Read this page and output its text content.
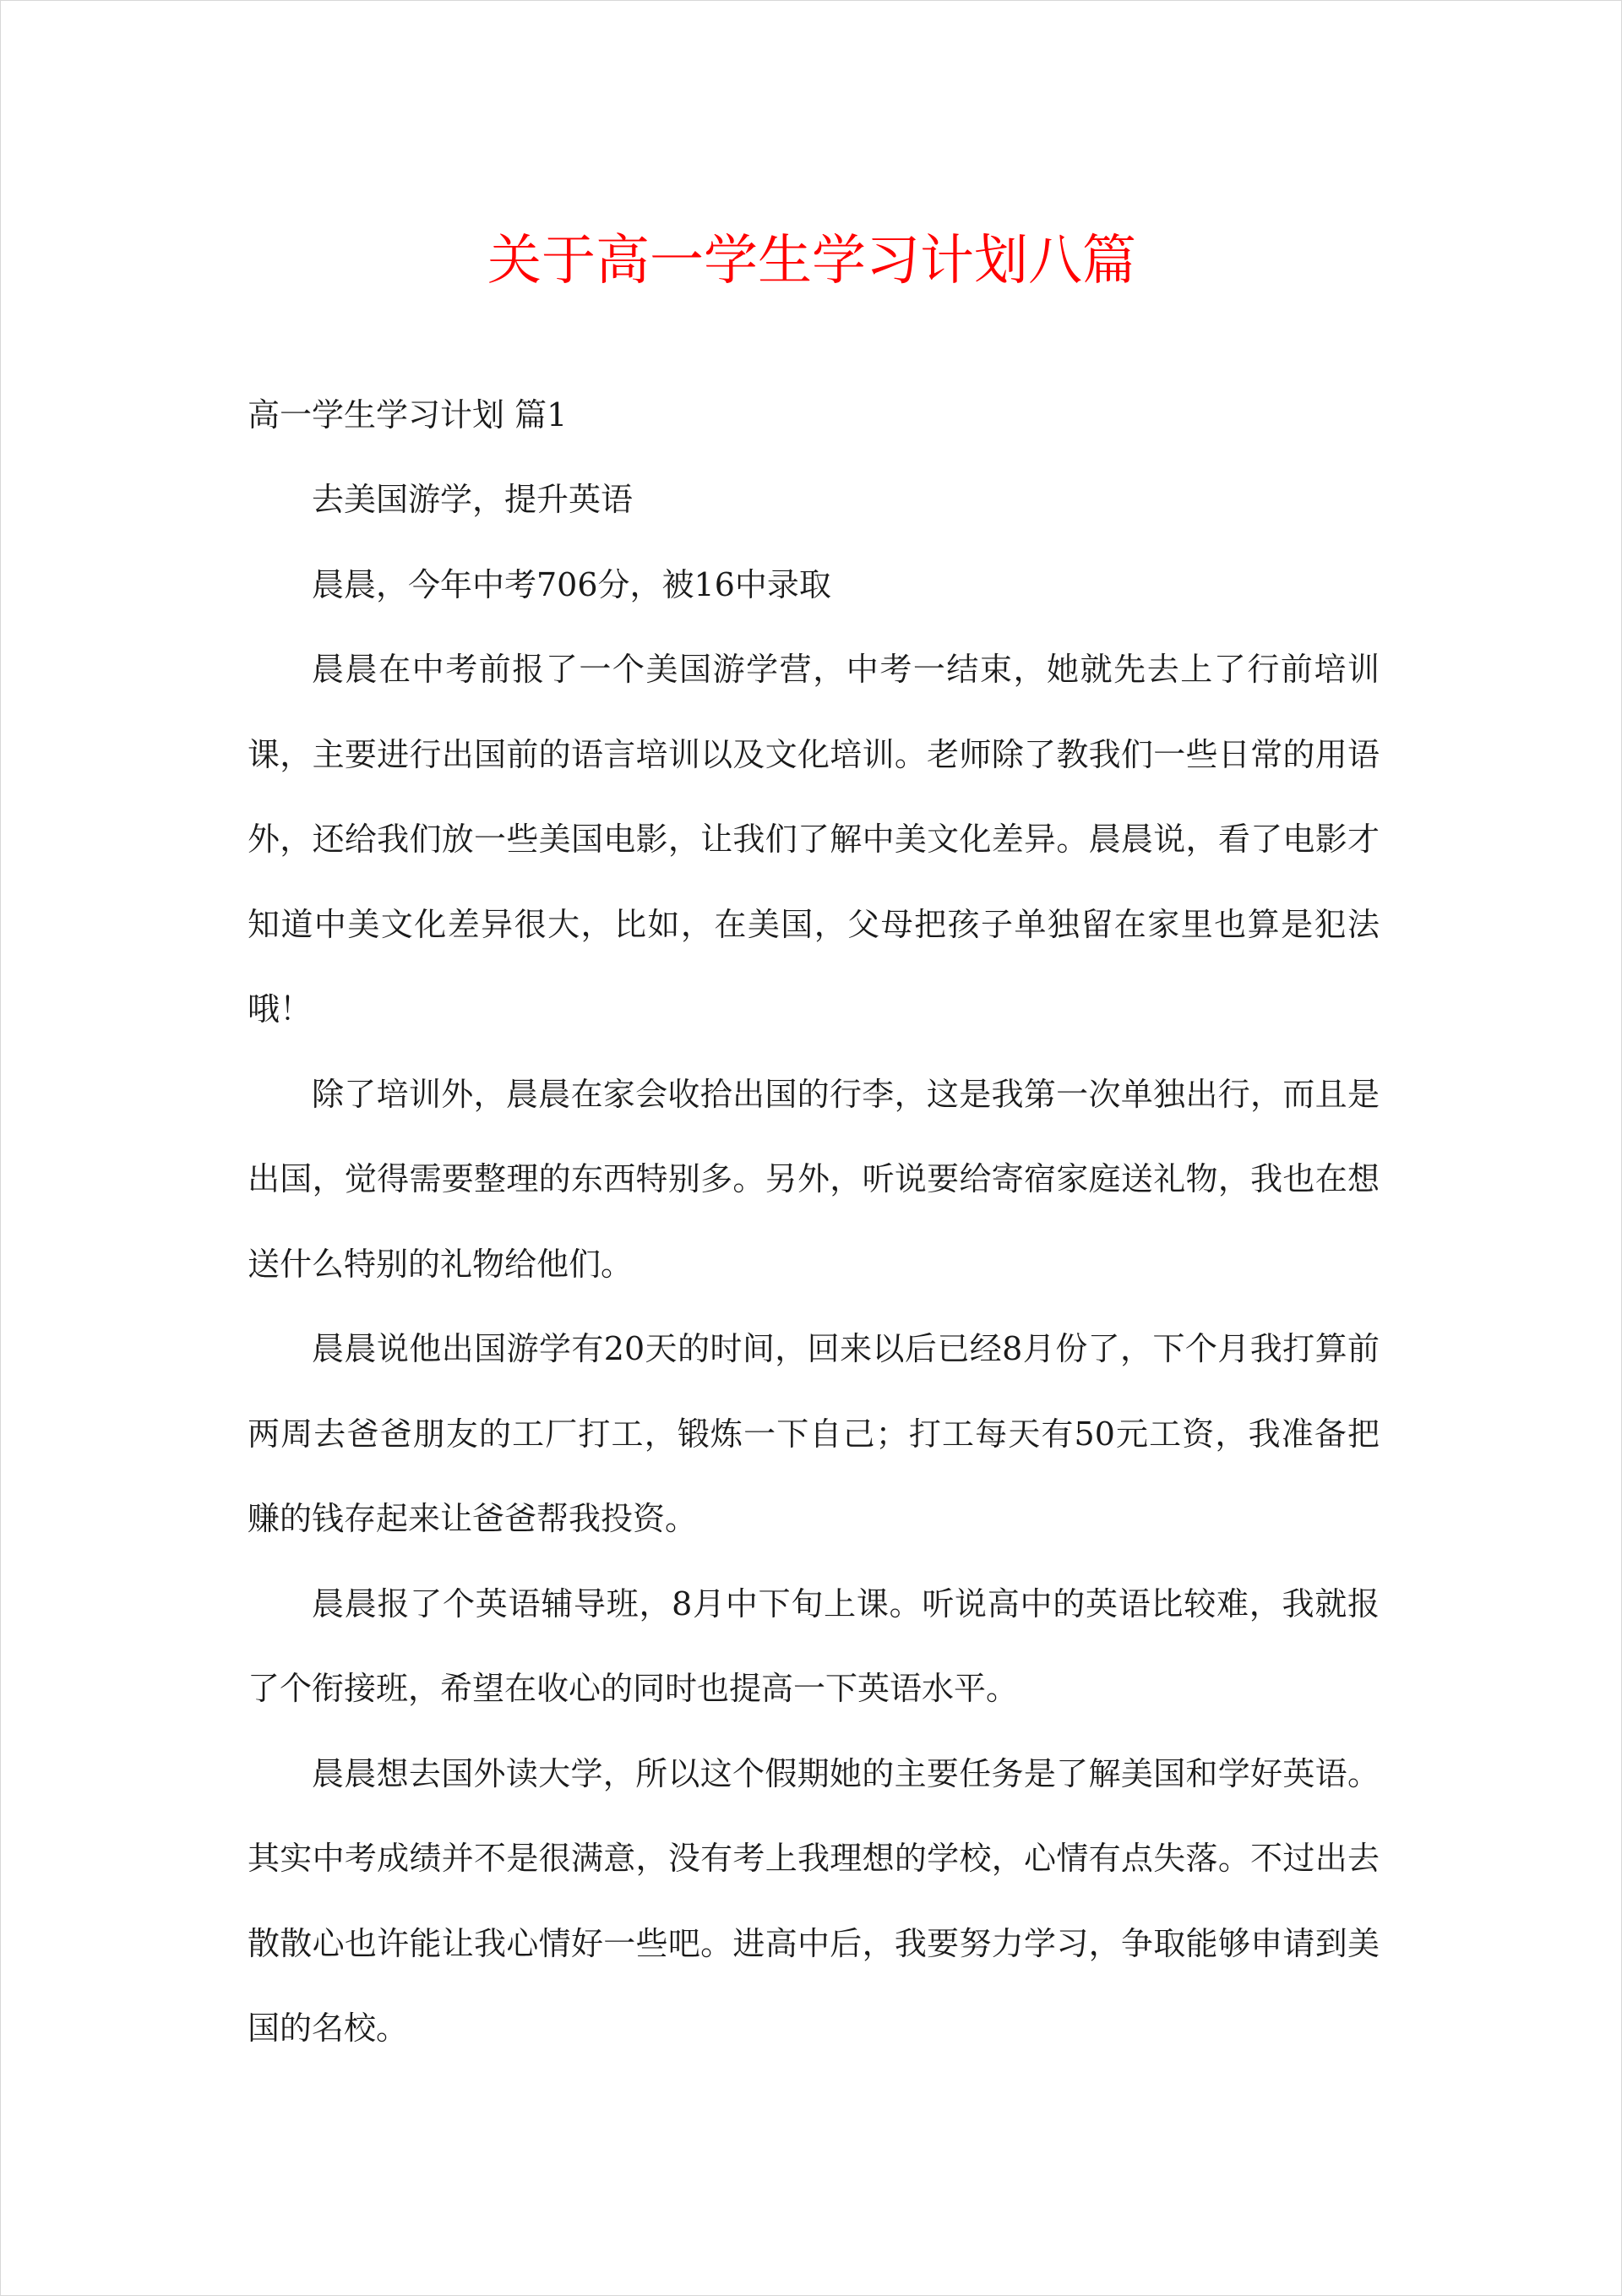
关于高一学生学习计划八篇
高一学生学习计划 篇1

去美国游学，提升英语

晨晨，今年中考706分，被16中录取

晨晨在中考前报了一个美国游学营，中考一结束，她就先去上了行前培训课，主要进行出国前的语言培训以及文化培训。老师除了教我们一些日常的用语外，还给我们放一些美国电影，让我们了解中美文化差异。晨晨说，看了电影才知道中美文化差异很大，比如，在美国，父母把孩子单独留在家里也算是犯法哦！

除了培训外，晨晨在家会收拾出国的行李，这是我第一次单独出行，而且是出国，觉得需要整理的东西特别多。另外，听说要给寄宿家庭送礼物，我也在想送什么特别的礼物给他们。

晨晨说他出国游学有20天的时间，回来以后已经8月份了，下个月我打算前两周去爸爸朋友的工厂打工，锻炼一下自己；打工每天有50元工资，我准备把赚的钱存起来让爸爸帮我投资。

晨晨报了个英语辅导班，8月中下旬上课。听说高中的英语比较难，我就报了个衔接班，希望在收心的同时也提高一下英语水平。

晨晨想去国外读大学，所以这个假期她的主要任务是了解美国和学好英语。其实中考成绩并不是很满意，没有考上我理想的学校，心情有点失落。不过出去散散心也许能让我心情好一些吧。进高中后，我要努力学习，争取能够申请到美国的名校。
